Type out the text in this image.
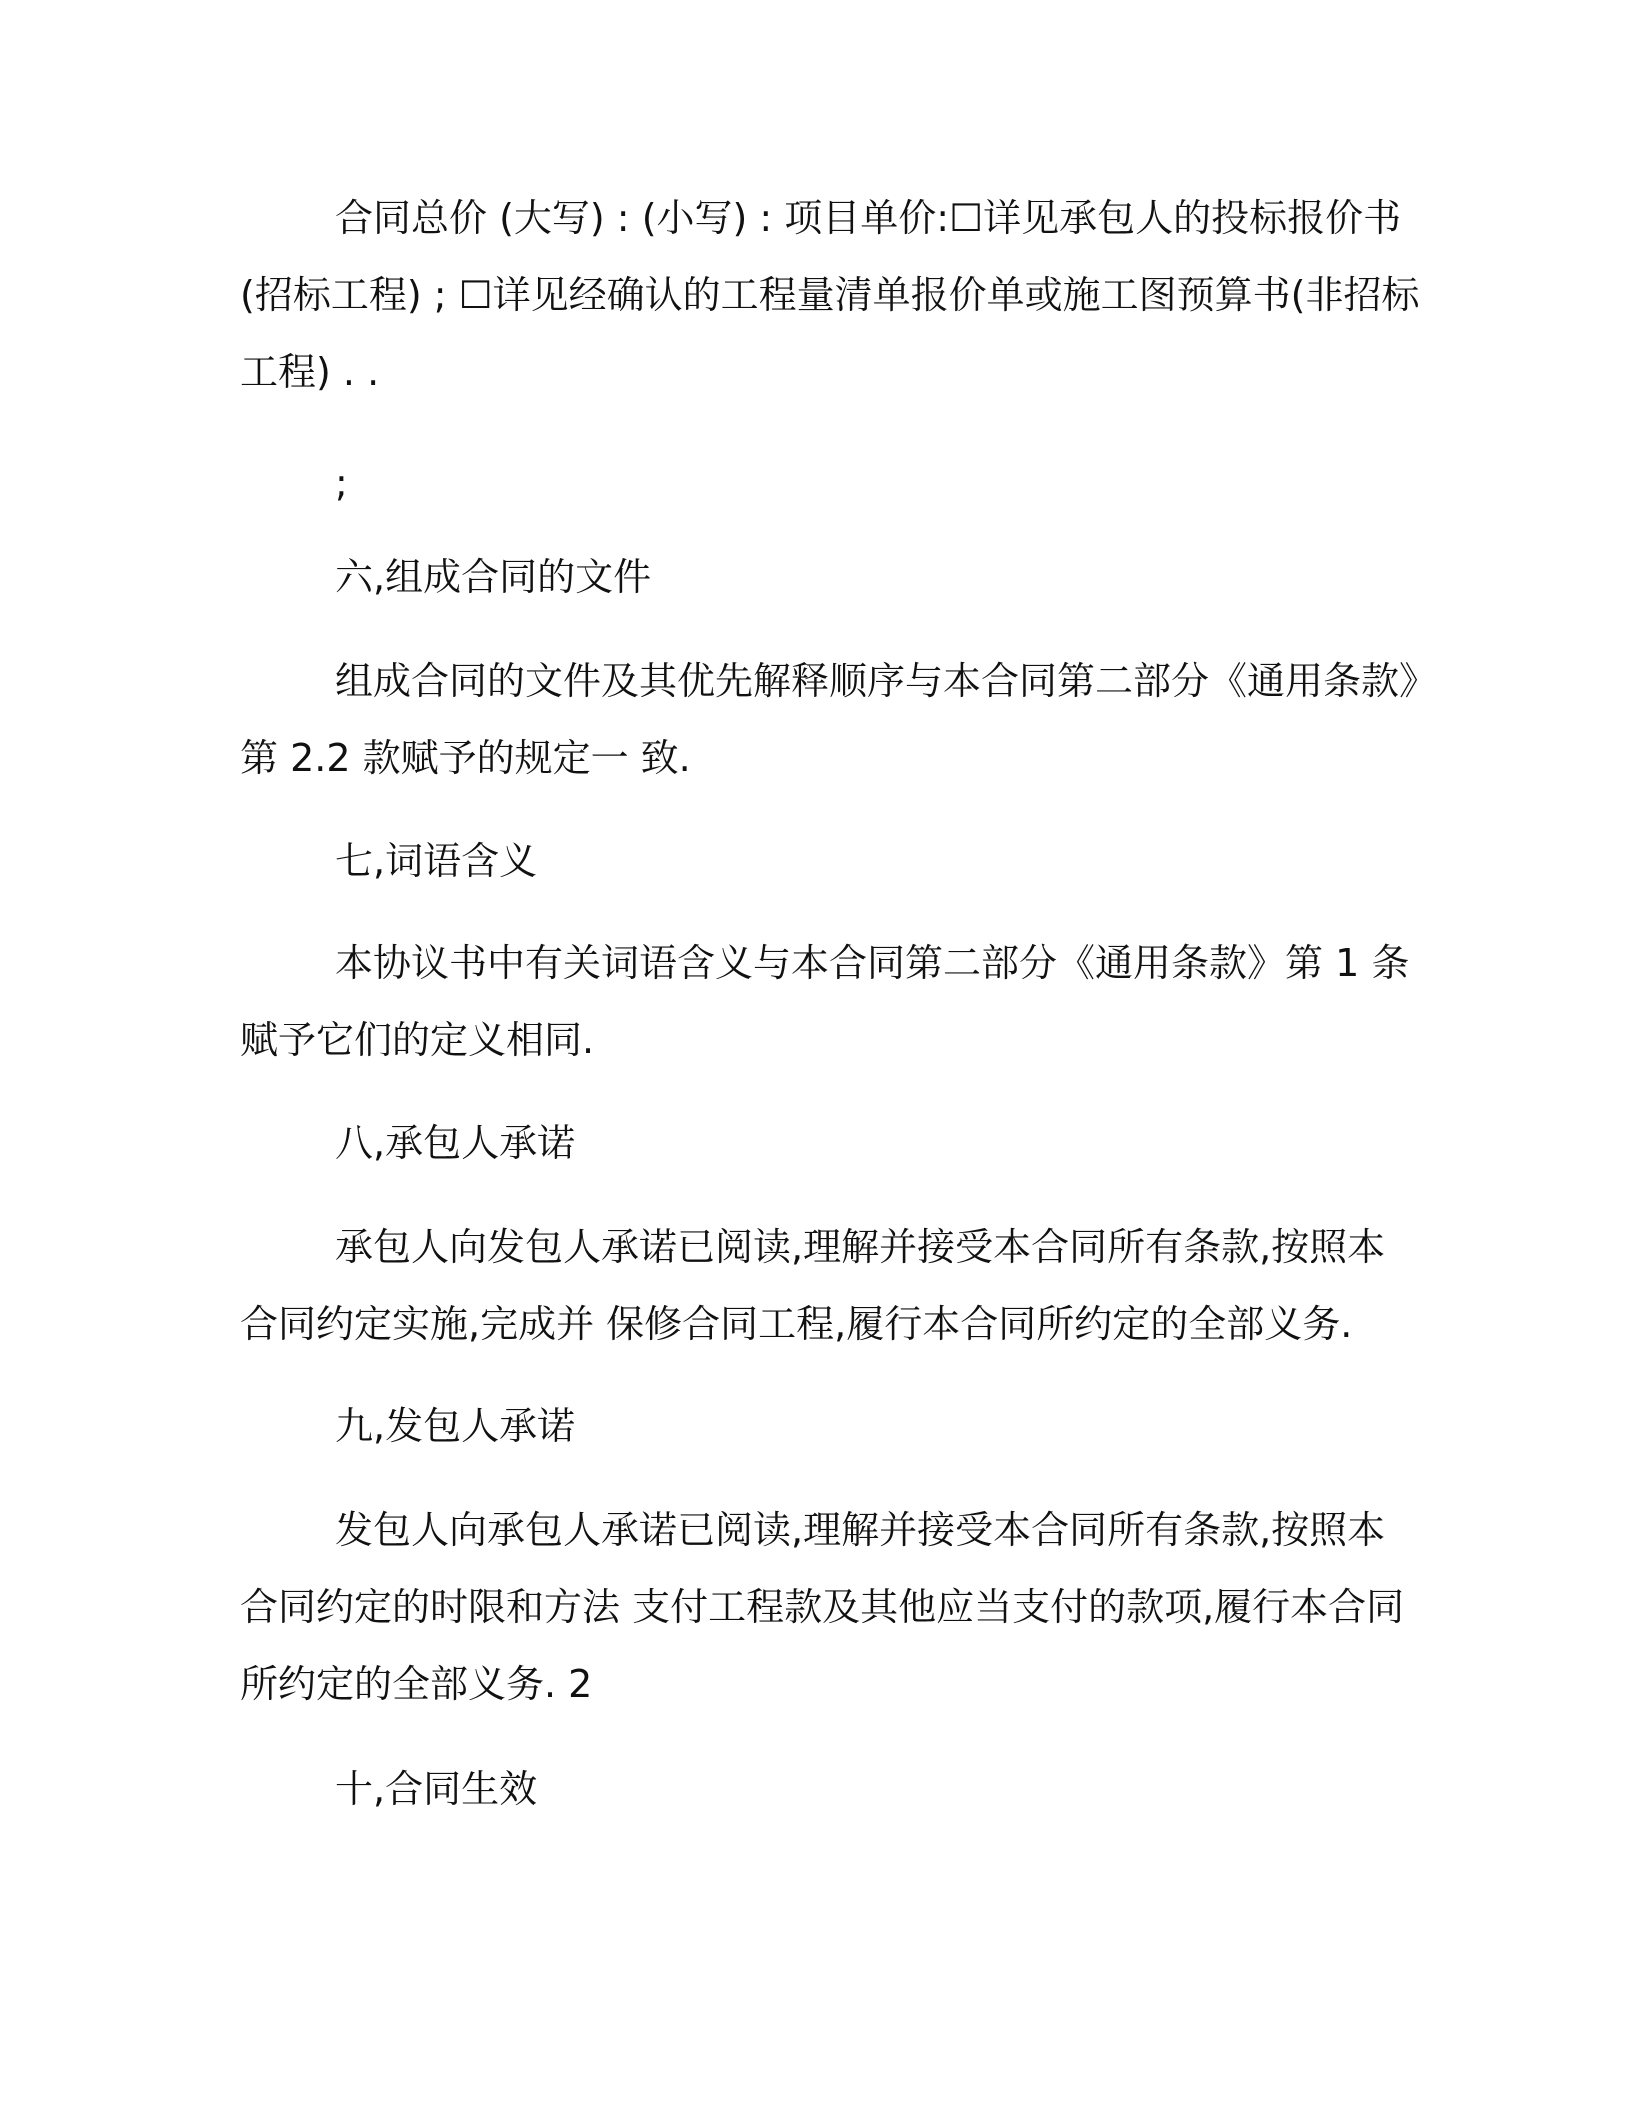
合同总价 (大写) : (小写) : 项目单价:☐详见承包人的投标报价书
(招标工程) ; ☐详见经确认的工程量清单报价单或施工图预算书(非招标
工程) . .
;
六,组成合同的文件
组成合同的文件及其优先解释顺序与本合同第二部分《通用条款》
第 2.2 款赋予的规定一 致.
七,词语含义
本协议书中有关词语含义与本合同第二部分《通用条款》第 1 条
赋予它们的定义相同.
八,承包人承诺
承包人向发包人承诺已阅读,理解并接受本合同所有条款,按照本
合同约定实施,完成并 保修合同工程,履行本合同所约定的全部义务.
九,发包人承诺
发包人向承包人承诺已阅读,理解并接受本合同所有条款,按照本
合同约定的时限和方法 支付工程款及其他应当支付的款项,履行本合同
所约定的全部义务. 2
十,合同生效
